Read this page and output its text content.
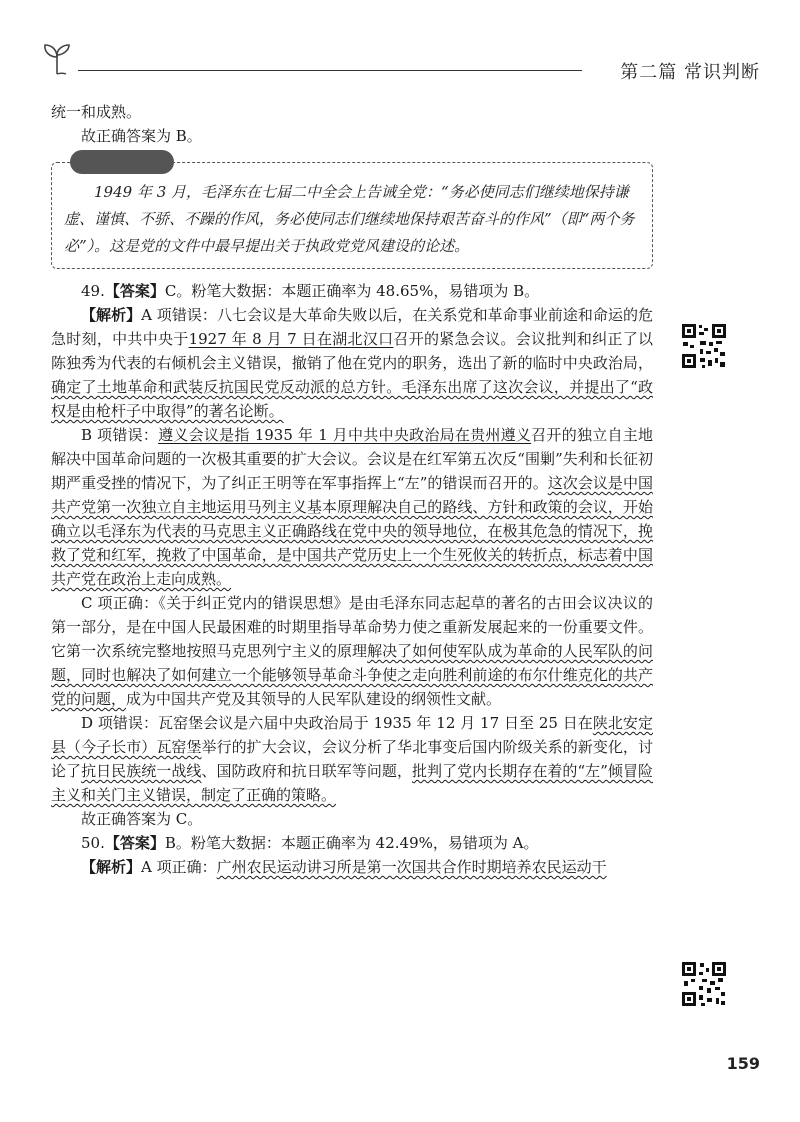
第二篇 常识判断

统一和成熟。

故正确答案为 B。

1949 年 3 月，毛泽东在七届二中全会上告诫全党：“务必使同志们继续地保持谦虚、谨慎、不骄、不躁的作风，务必使同志们继续地保持艰苦奋斗的作风”（即“两个务必”）。这是党的文件中最早提出关于执政党党风建设的论述。

49.【答案】C。粉笔大数据：本题正确率为 48.65%，易错项为 B。

【解析】A 项错误：八七会议是大革命失败以后，在关系党和革命事业前途和命运的危急时刻，中共中央于1927 年 8 月 7 日在湖北汉口召开的紧急会议。会议批判和纠正了以陈独秀为代表的右倾机会主义错误，撤销了他在党内的职务，选出了新的临时中央政治局，确定了土地革命和武装反抗国民党反动派的总方针。毛泽东出席了这次会议，并提出了“政权是由枪杆子中取得”的著名论断。

B 项错误：遵义会议是指 1935 年 1 月中共中央政治局在贵州遵义召开的独立自主地解决中国革命问题的一次极其重要的扩大会议。会议是在红军第五次反“围剿”失利和长征初期严重受挫的情况下，为了纠正王明等在军事指挥上“左”的错误而召开的。这次会议是中国共产党第一次独立自主地运用马列主义基本原理解决自己的路线、方针和政策的会议，开始确立以毛泽东为代表的马克思主义正确路线在党中央的领导地位，在极其危急的情况下，挽救了党和红军，挽救了中国革命，是中国共产党历史上一个生死攸关的转折点，标志着中国共产党在政治上走向成熟。

C 项正确：《关于纠正党内的错误思想》是由毛泽东同志起草的著名的古田会议决议的第一部分，是在中国人民最困难的时期里指导革命势力使之重新发展起来的一份重要文件。它第一次系统完整地按照马克思列宁主义的原理解决了如何使军队成为革命的人民军队的问题，同时也解决了如何建立一个能够领导革命斗争使之走向胜利前途的布尔什维克化的共产党的问题，成为中国共产党及其领导的人民军队建设的纲领性文献。

D 项错误：瓦窑堡会议是六届中央政治局于 1935 年 12 月 17 日至 25 日在陕北安定县（今子长市）瓦窑堡举行的扩大会议，会议分析了华北事变后国内阶级关系的新变化，讨论了抗日民族统一战线、国防政府和抗日联军等问题，批判了党内长期存在着的“左”倾冒险主义和关门主义错误，制定了正确的策略。

故正确答案为 C。

50.【答案】B。粉笔大数据：本题正确率为 42.49%，易错项为 A。

【解析】A 项正确：广州农民运动讲习所是第一次国共合作时期培养农民运动干

159
